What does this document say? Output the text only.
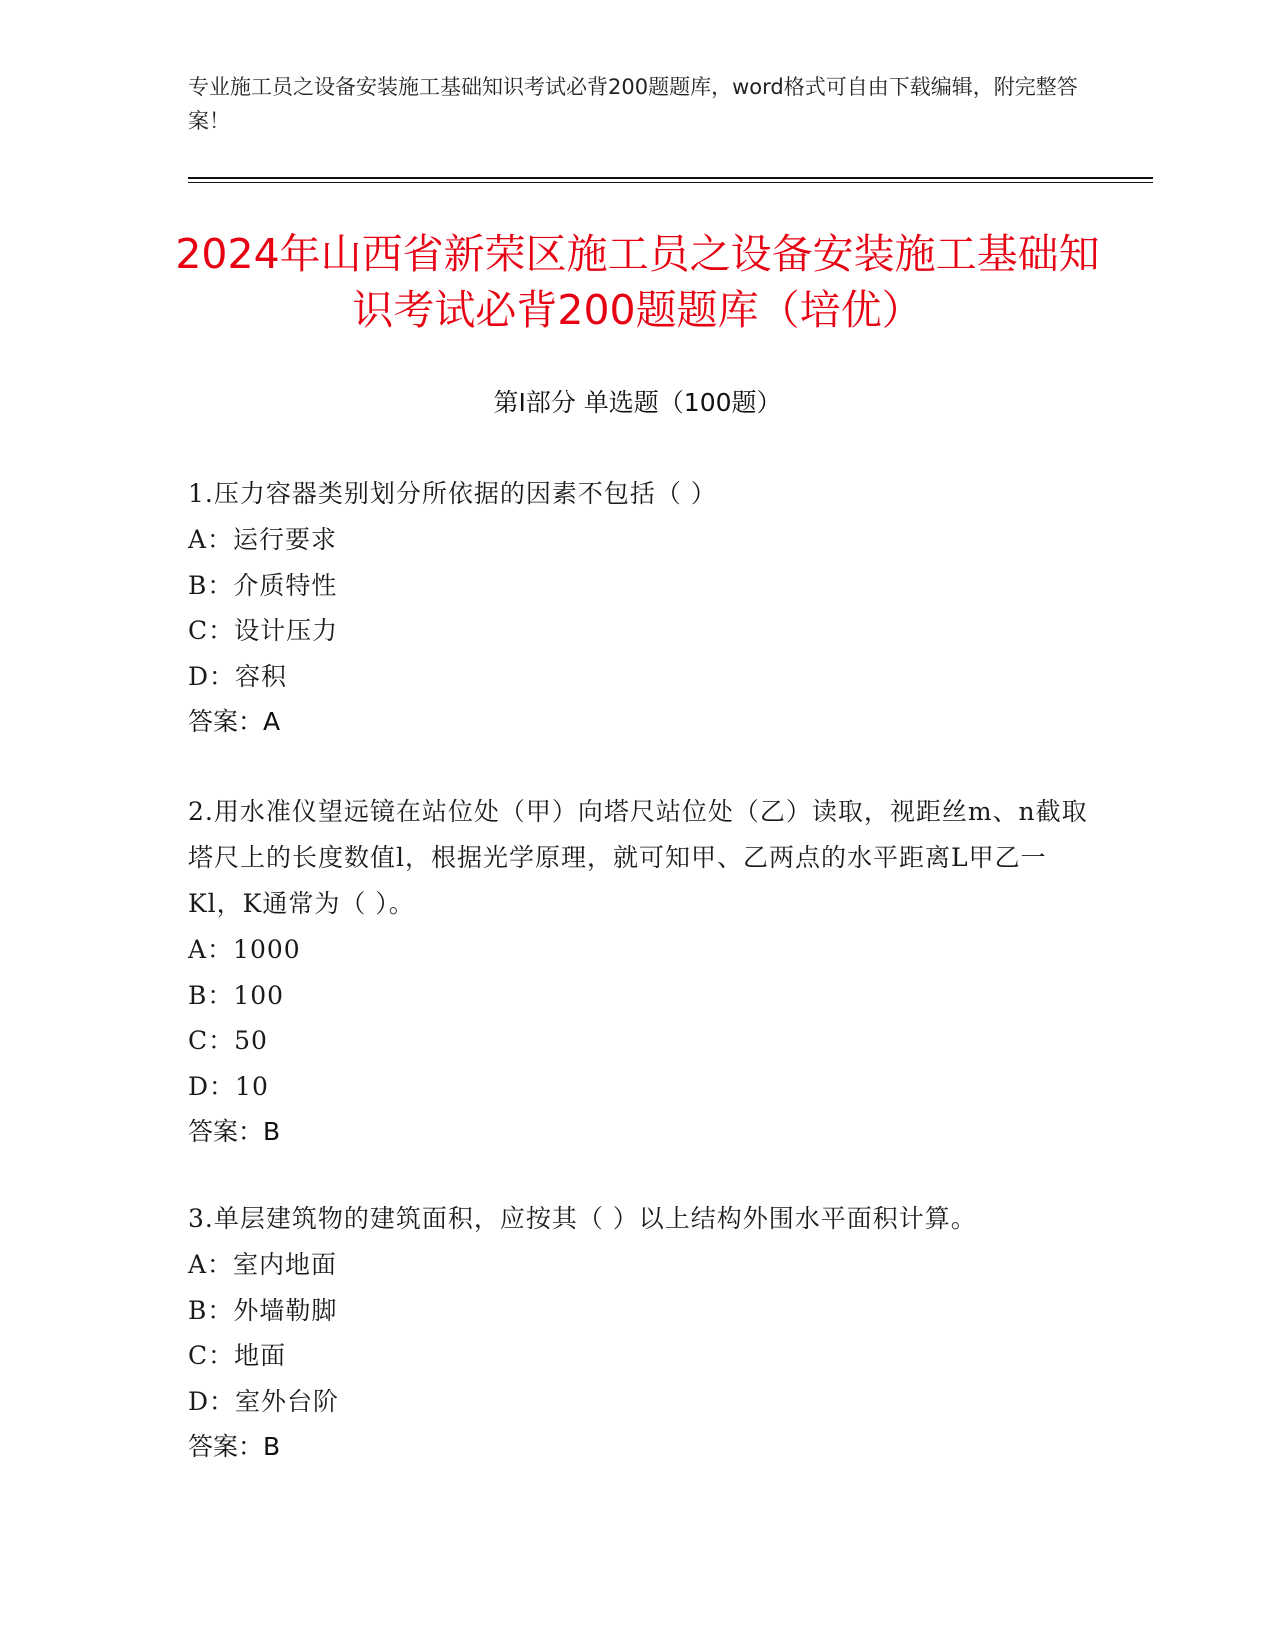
专业施工员之设备安装施工基础知识考试必背200题题库，word格式可自由下载编辑，附完整答案！
2024年山西省新荣区施工员之设备安装施工基础知识考试必背200题题库（培优）
第Ⅰ部分 单选题（100题）
1.压力容器类别划分所依据的因素不包括（ ）
A：运行要求
B：介质特性
C：设计压力
D：容积
答案：A
2.用水准仪望远镜在站位处（甲）向塔尺站位处（乙）读取，视距丝m、n截取塔尺上的长度数值l，根据光学原理，就可知甲、乙两点的水平距离L甲乙一Kl，K通常为（ ）。
A：1000
B：100
C：50
D：10
答案：B
3.单层建筑物的建筑面积，应按其（ ）以上结构外围水平面积计算。
A：室内地面
B：外墙勒脚
C：地面
D：室外台阶
答案：B
